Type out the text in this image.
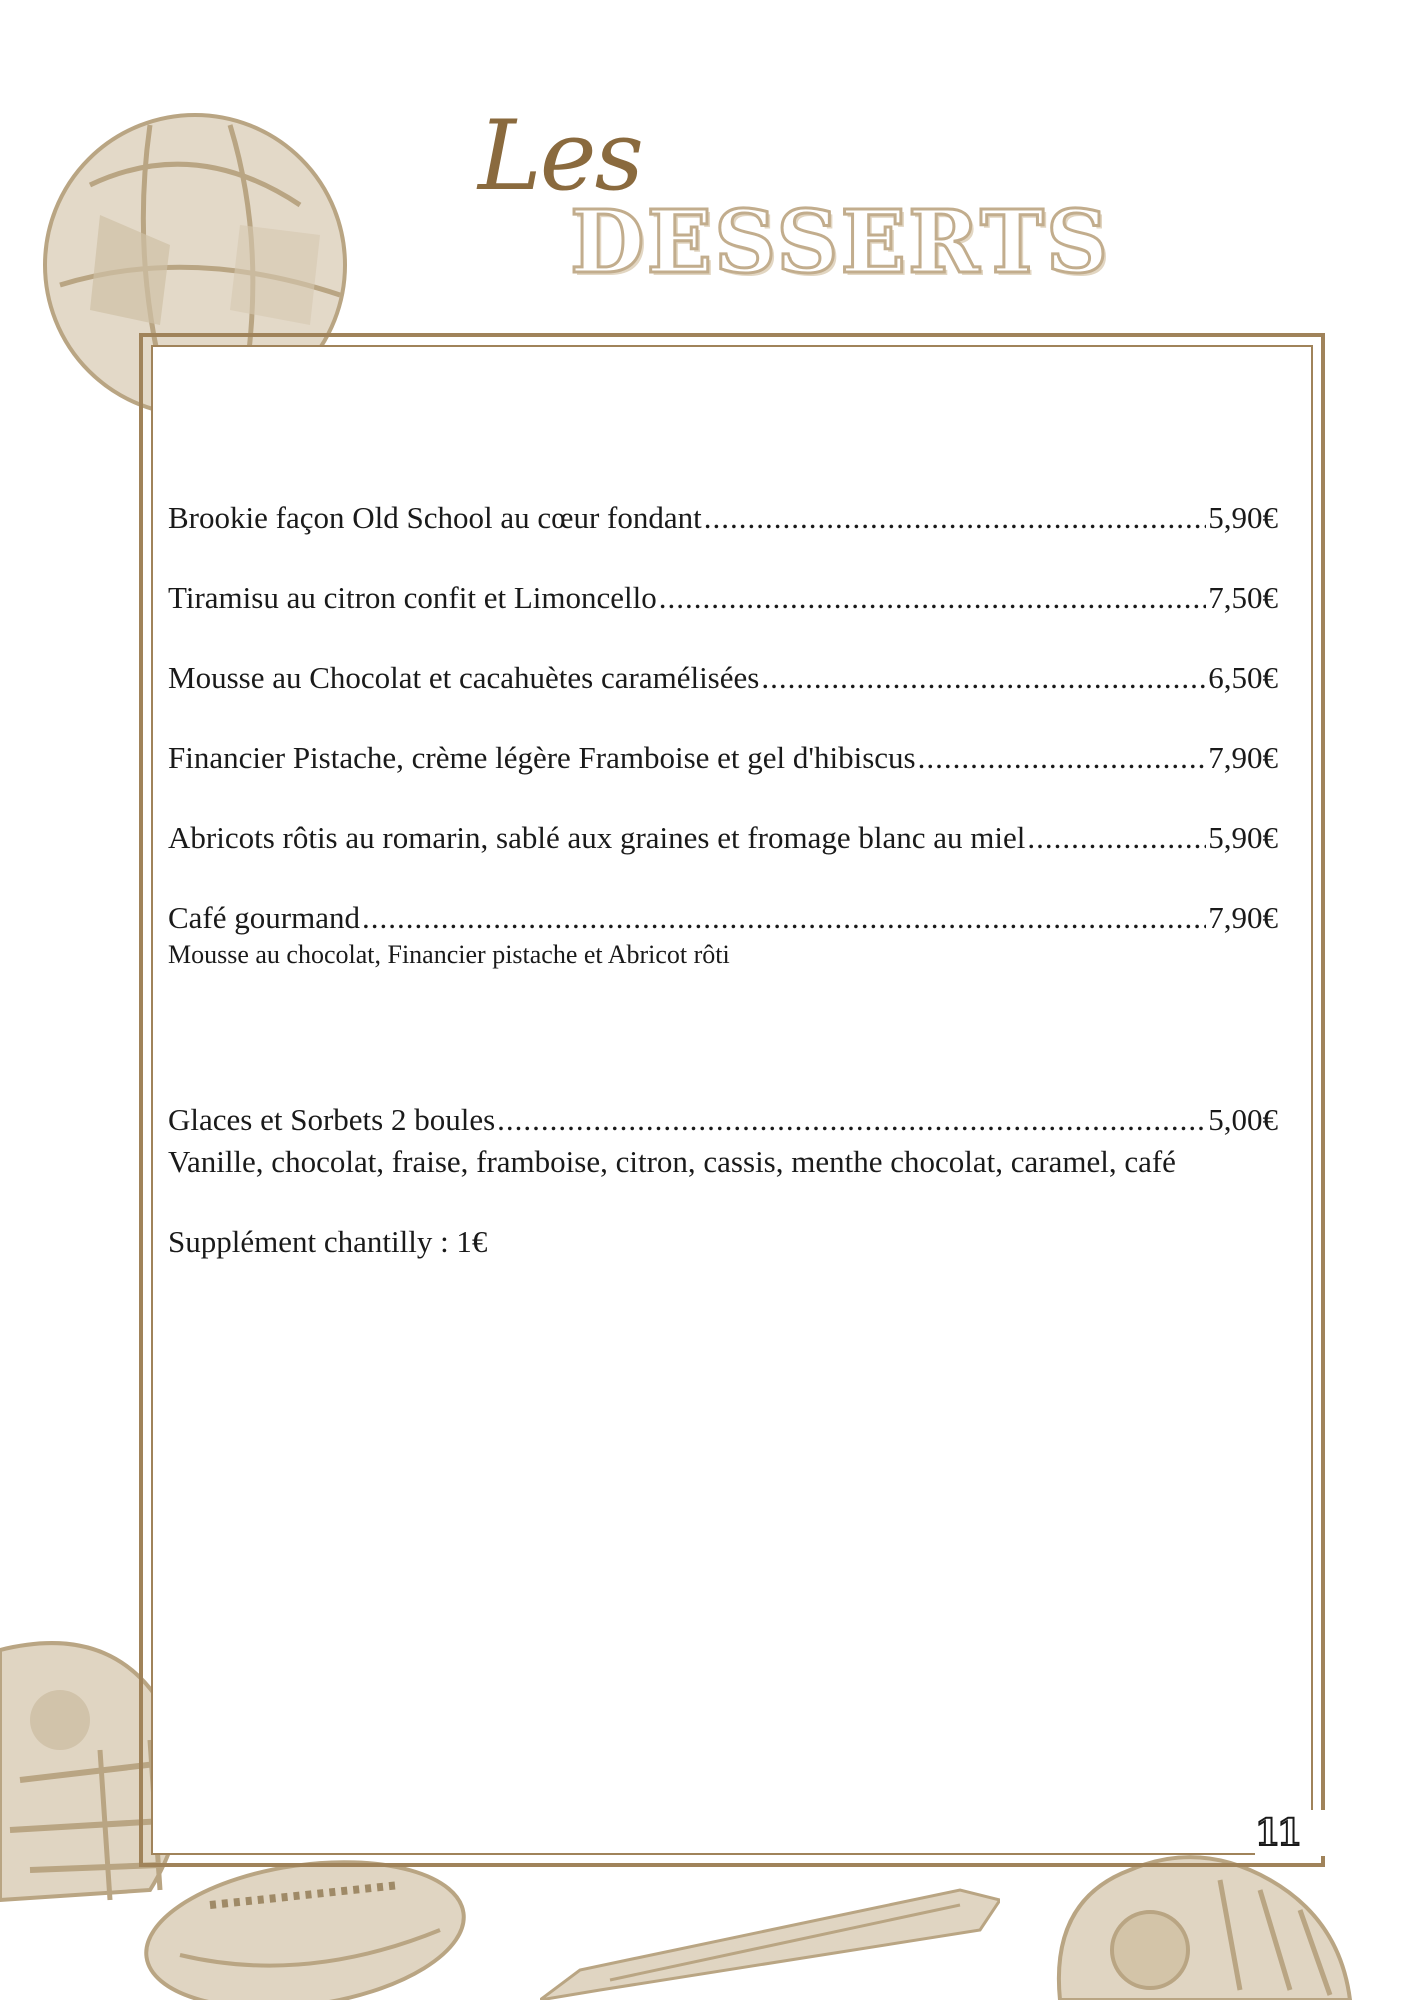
Les
DESSERTS
Brookie façon Old School au cœur fondant .....	5,90€
Tiramisu au citron confit et Limoncello .....	7,50€
Mousse au Chocolat et cacahuètes caramélisées .....	6,50€
Financier Pistache, crème légère Framboise et gel d'hibiscus .....	7,90€
Abricots rôtis au romarin, sablé aux graines et fromage blanc au miel .....	5,90€
Café gourmand .....	7,90€
Mousse au chocolat, Financier pistache et Abricot rôti
Glaces et Sorbets 2 boules .....	5,00€
Vanille, chocolat, fraise, framboise, citron, cassis, menthe chocolat, caramel, café
Supplément chantilly : 1€
11
